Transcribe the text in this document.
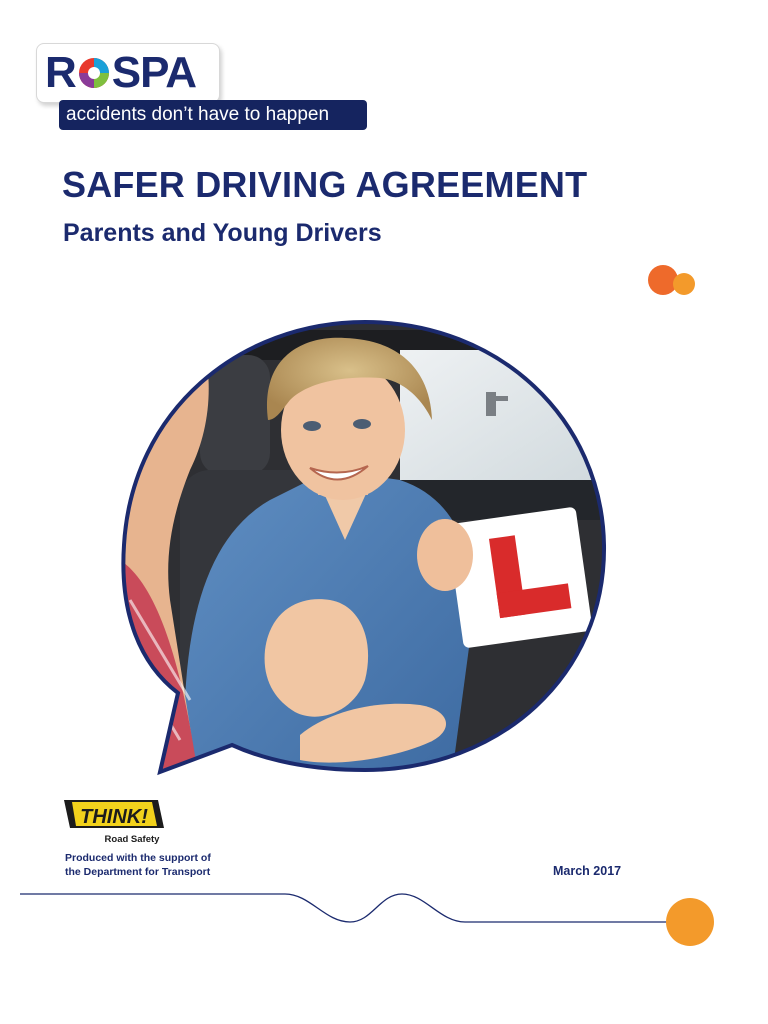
R SPA
accidents don’t have to happen
SAFER DRIVING AGREEMENT
Parents and Young Drivers
THINK!
Road Safety
Produced with the support of
the Department for Transport	March 2017
